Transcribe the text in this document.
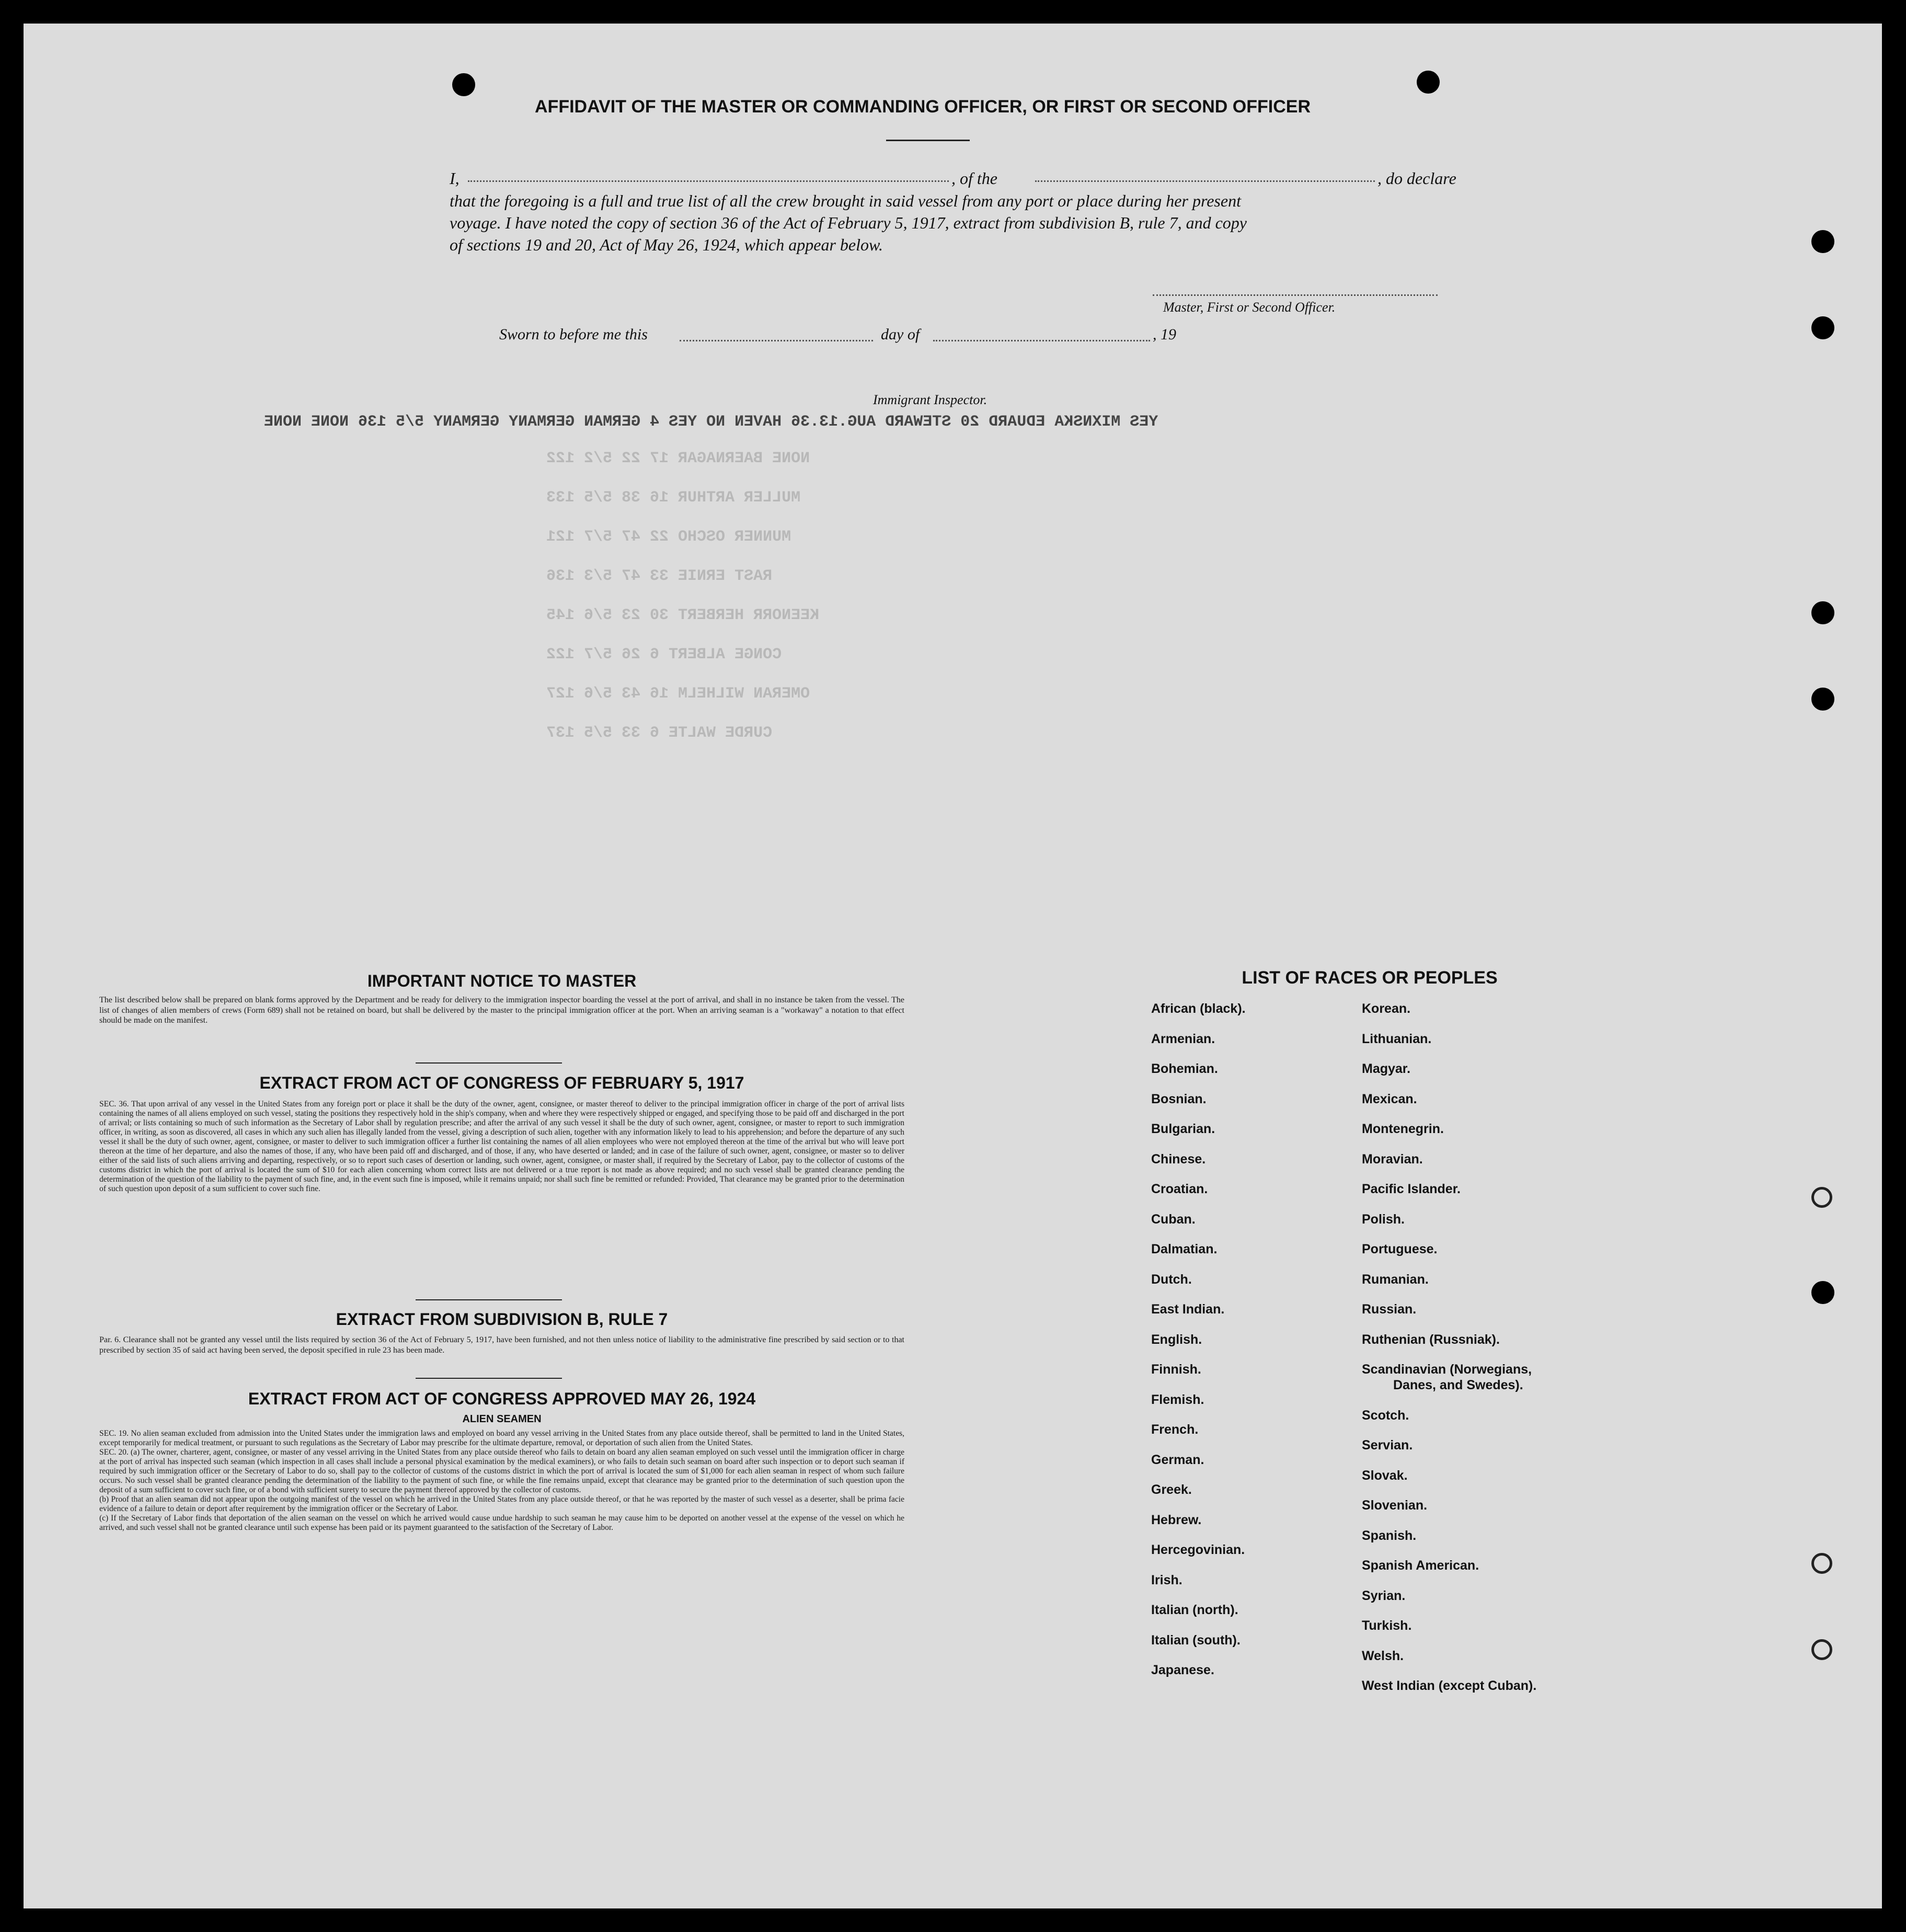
YES MIXNSKA EDUARD 20 STEWARD AUG.13.36 HAVEN NO YES 4 GERMAN GERMANY GERMANY 5/5 136 NONE NONE
NONE BAERNAGAR 17 22 5/2 122
MULLER ARTHUR 16 38 5/5 133
MUNNER OSCHO 22 47 5/7 121
RAST ERNIE 33 47 5/3 136
KEENORR HERBERT 30 23 5/6 145
CONGE ALBERT 6 26 5/7 122
OMERAN WILHELM 16 43 5/6 127
CURDE WALTE 6 33 5/5 137
AFFIDAVIT OF THE MASTER OR COMMANDING OFFICER, OR FIRST OR SECOND OFFICER
I,	, of the	, do declare
that the foregoing is a full and true list of all the crew brought in said vessel from any port or place during her present
voyage. I have noted the copy of section 36 of the Act of February 5, 1917, extract from subdivision B, rule 7, and copy
of sections 19 and 20, Act of May 26, 1924, which appear below.
Master, First or Second Officer.
Sworn to before me this	day of	, 19
Immigrant Inspector.
IMPORTANT NOTICE TO MASTER
The list described below shall be prepared on blank forms approved by the Department and be ready for delivery to the immigration inspector boarding the vessel at the port of arrival, and shall in no instance be taken from the vessel. The list of changes of alien members of crews (Form 689) shall not be retained on board, but shall be delivered by the master to the principal immigration officer at the port. When an arriving seaman is a "workaway" a notation to that effect should be made on the manifest.
EXTRACT FROM ACT OF CONGRESS OF FEBRUARY 5, 1917
SEC. 36. That upon arrival of any vessel in the United States from any foreign port or place it shall be the duty of the owner, agent, consignee, or master thereof to deliver to the principal immigration officer in charge of the port of arrival lists containing the names of all aliens employed on such vessel, stating the positions they respectively hold in the ship's company, when and where they were respectively shipped or engaged, and specifying those to be paid off and discharged in the port of arrival; or lists containing so much of such information as the Secretary of Labor shall by regulation prescribe; and after the arrival of any such vessel it shall be the duty of such owner, agent, consignee, or master to report to such immigration officer, in writing, as soon as discovered, all cases in which any such alien has illegally landed from the vessel, giving a description of such alien, together with any information likely to lead to his apprehension; and before the departure of any such vessel it shall be the duty of such owner, agent, consignee, or master to deliver to such immigration officer a further list containing the names of all alien employees who were not employed thereon at the time of the arrival but who will leave port thereon at the time of her departure, and also the names of those, if any, who have been paid off and discharged, and of those, if any, who have deserted or landed; and in case of the failure of such owner, agent, consignee, or master so to deliver either of the said lists of such aliens arriving and departing, respectively, or so to report such cases of desertion or landing, such owner, agent, consignee, or master shall, if required by the Secretary of Labor, pay to the collector of customs of the customs district in which the port of arrival is located the sum of $10 for each alien concerning whom correct lists are not delivered or a true report is not made as above required; and no such vessel shall be granted clearance pending the determination of the question of the liability to the payment of such fine, and, in the event such fine is imposed, while it remains unpaid; nor shall such fine be remitted or refunded: Provided, That clearance may be granted prior to the determination of such question upon deposit of a sum sufficient to cover such fine.
EXTRACT FROM SUBDIVISION B, RULE 7
Par. 6. Clearance shall not be granted any vessel until the lists required by section 36 of the Act of February 5, 1917, have been furnished, and not then unless notice of liability to the administrative fine prescribed by said section or to that prescribed by section 35 of said act having been served, the deposit specified in rule 23 has been made.
EXTRACT FROM ACT OF CONGRESS APPROVED MAY 26, 1924
ALIEN SEAMEN
SEC. 19. No alien seaman excluded from admission into the United States under the immigration laws and employed on board any vessel arriving in the United States from any place outside thereof, shall be permitted to land in the United States, except temporarily for medical treatment, or pursuant to such regulations as the Secretary of Labor may prescribe for the ultimate departure, removal, or deportation of such alien from the United States.
SEC. 20. (a) The owner, charterer, agent, consignee, or master of any vessel arriving in the United States from any place outside thereof who fails to detain on board any alien seaman employed on such vessel until the immigration officer in charge at the port of arrival has inspected such seaman (which inspection in all cases shall include a personal physical examination by the medical examiners), or who fails to detain such seaman on board after such inspection or to deport such seaman if required by such immigration officer or the Secretary of Labor to do so, shall pay to the collector of customs of the customs district in which the port of arrival is located the sum of $1,000 for each alien seaman in respect of whom such failure occurs. No such vessel shall be granted clearance pending the determination of the liability to the payment of such fine, or while the fine remains unpaid, except that clearance may be granted prior to the determination of such question upon the deposit of a sum sufficient to cover such fine, or of a bond with sufficient surety to secure the payment thereof approved by the collector of customs.
(b) Proof that an alien seaman did not appear upon the outgoing manifest of the vessel on which he arrived in the United States from any place outside thereof, or that he was reported by the master of such vessel as a deserter, shall be prima facie evidence of a failure to detain or deport after requirement by the immigration officer or the Secretary of Labor.
(c) If the Secretary of Labor finds that deportation of the alien seaman on the vessel on which he arrived would cause undue hardship to such seaman he may cause him to be deported on another vessel at the expense of the vessel on which he arrived, and such vessel shall not be granted clearance until such expense has been paid or its payment guaranteed to the satisfaction of the Secretary of Labor.
LIST OF RACES OR PEOPLES
African (black).
Armenian.
Bohemian.
Bosnian.
Bulgarian.
Chinese.
Croatian.
Cuban.
Dalmatian.
Dutch.
East Indian.
English.
Finnish.
Flemish.
French.
German.
Greek.
Hebrew.
Hercegovinian.
Irish.
Italian (north).
Italian (south).
Japanese.
Korean.
Lithuanian.
Magyar.
Mexican.
Montenegrin.
Moravian.
Pacific Islander.
Polish.
Portuguese.
Rumanian.
Russian.
Ruthenian (Russniak).
Scandinavian (Norwegians,
Danes, and Swedes).
Scotch.
Servian.
Slovak.
Slovenian.
Spanish.
Spanish American.
Syrian.
Turkish.
Welsh.
West Indian (except Cuban).
